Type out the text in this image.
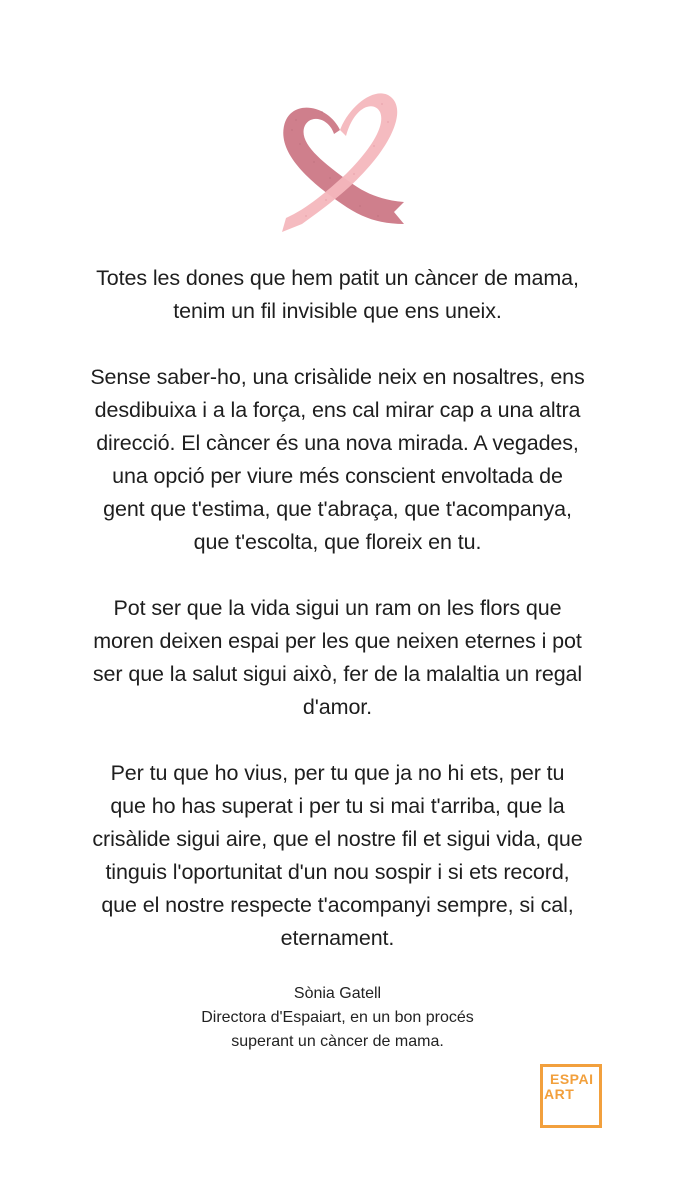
Totes les dones que hem patit un càncer de mama,
tenim un fil invisible que ens uneix.

Sense saber-ho, una crisàlide neix en nosaltres, ens
desdibuixa i a la força, ens cal mirar cap a una altra
direcció. El càncer és una nova mirada. A vegades,
una opció per viure més conscient envoltada de
gent que t'estima, que t'abraça, que t'acompanya,
que t'escolta, que floreix en tu.

Pot ser que la vida sigui un ram on les flors que
moren deixen espai per les que neixen eternes i pot
ser que la salut sigui això, fer de la malaltia un regal
d'amor.

Per tu que ho vius, per tu que ja no hi ets, per tu
que ho has superat i per tu si mai t'arriba, que la
crisàlide sigui aire, que el nostre fil et sigui vida, que
tinguis l'oportunitat d'un nou sospir i si ets record,
que el nostre respecte t'acompanyi sempre, si cal,
eternament.

Sònia Gatell
Directora d'Espaiart, en un bon procés
superant un càncer de mama.
ESPAI
ART
